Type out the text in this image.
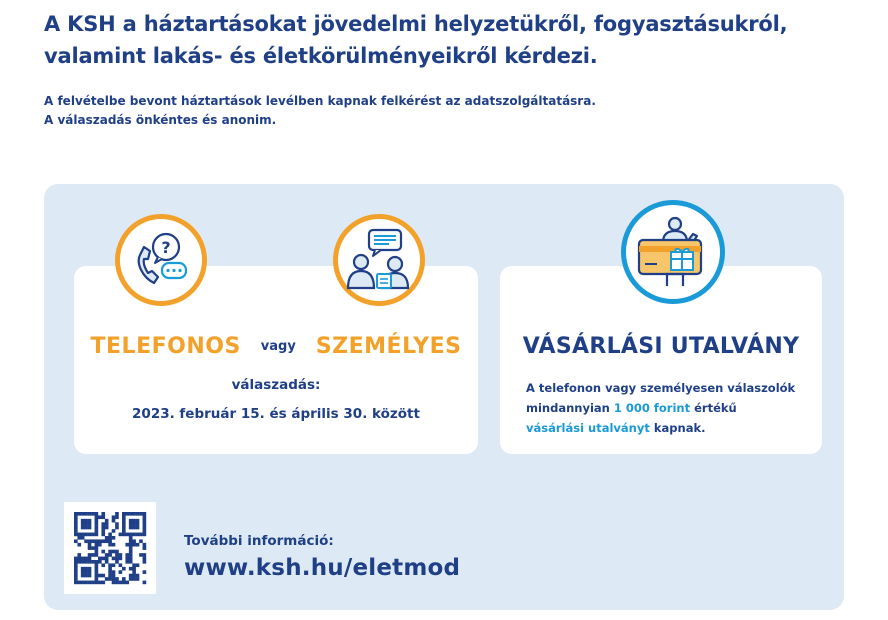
A KSH a háztartásokat jövedelmi helyzetükről, fogyasztásukról,
valamint lakás- és életkörülményeikről kérdezi.
A felvételbe bevont háztartások levélben kapnak felkérést az adatszolgáltatásra.
A válaszadás önkéntes és anonim.
TELEFONOS vagy SZEMÉLYES
válaszadás:
2023. február 15. és április 30. között
VÁSÁRLÁSI UTALVÁNY
A telefonon vagy személyesen válaszolók
mindannyian 1 000 forint értékű
vásárlási utalványt kapnak.
?
További információ:
www.ksh.hu/eletmod
